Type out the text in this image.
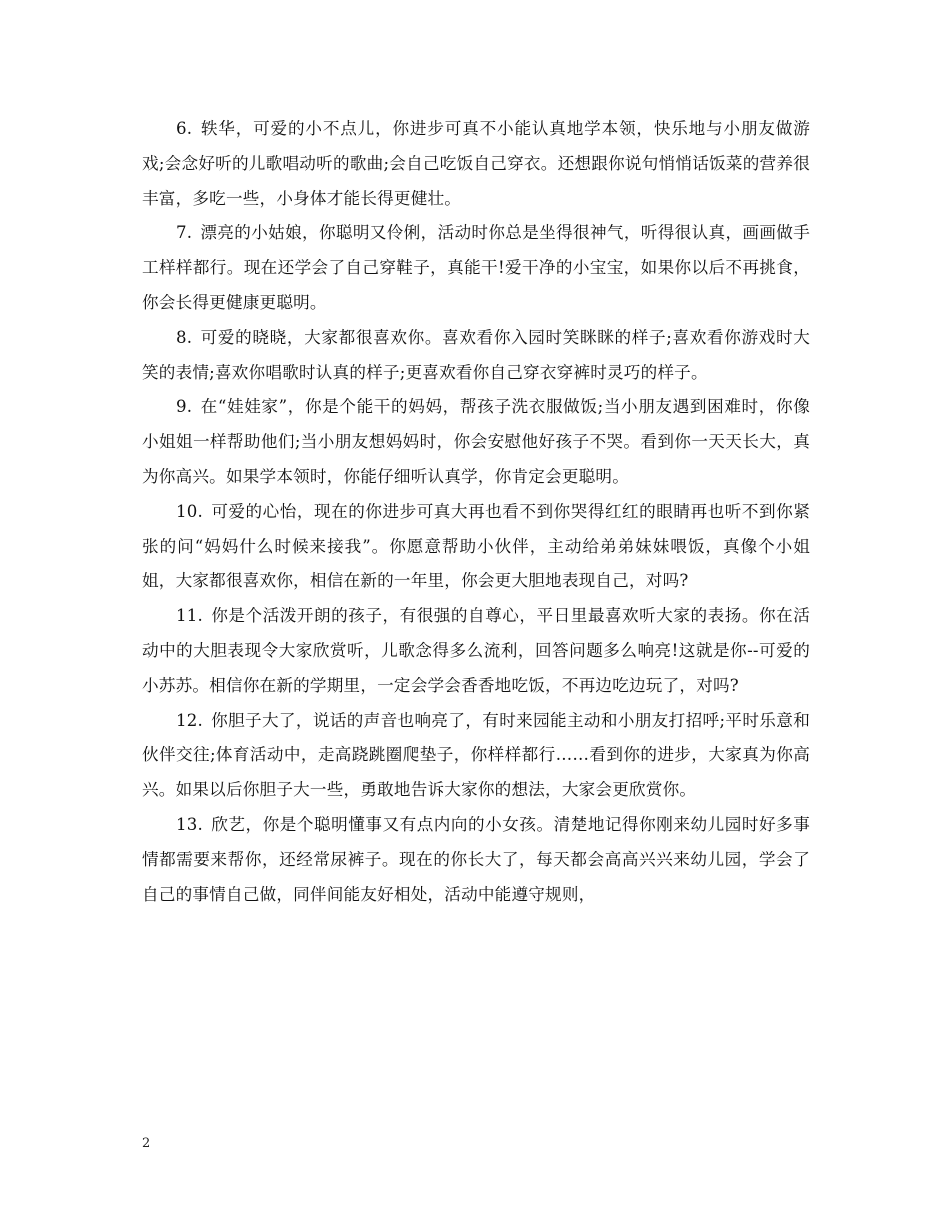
6. 轶华，可爱的小不点儿，你进步可真不小能认真地学本领，快乐地与小朋友做游戏;会念好听的儿歌唱动听的歌曲;会自己吃饭自己穿衣。还想跟你说句悄悄话饭菜的营养很丰富，多吃一些，小身体才能长得更健壮。

7. 漂亮的小姑娘，你聪明又伶俐，活动时你总是坐得很神气，听得很认真，画画做手工样样都行。现在还学会了自己穿鞋子，真能干!爱干净的小宝宝，如果你以后不再挑食，你会长得更健康更聪明。

8. 可爱的晓晓，大家都很喜欢你。喜欢看你入园时笑眯眯的样子;喜欢看你游戏时大笑的表情;喜欢你唱歌时认真的样子;更喜欢看你自己穿衣穿裤时灵巧的样子。

9. 在“娃娃家”，你是个能干的妈妈，帮孩子洗衣服做饭;当小朋友遇到困难时，你像小姐姐一样帮助他们;当小朋友想妈妈时，你会安慰他好孩子不哭。看到你一天天长大，真为你高兴。如果学本领时，你能仔细听认真学，你肯定会更聪明。

10. 可爱的心怡，现在的你进步可真大再也看不到你哭得红红的眼睛再也听不到你紧张的问“妈妈什么时候来接我”。你愿意帮助小伙伴，主动给弟弟妹妹喂饭，真像个小姐姐，大家都很喜欢你，相信在新的一年里，你会更大胆地表现自己，对吗?

11. 你是个活泼开朗的孩子，有很强的自尊心，平日里最喜欢听大家的表扬。你在活动中的大胆表现令大家欣赏听，儿歌念得多么流利，回答问题多么响亮!这就是你--可爱的小苏苏。相信你在新的学期里，一定会学会香香地吃饭，不再边吃边玩了，对吗?

12. 你胆子大了，说话的声音也响亮了，有时来园能主动和小朋友打招呼;平时乐意和伙伴交往;体育活动中，走高跷跳圈爬垫子，你样样都行……看到你的进步，大家真为你高兴。如果以后你胆子大一些，勇敢地告诉大家你的想法，大家会更欣赏你。

13. 欣艺，你是个聪明懂事又有点内向的小女孩。清楚地记得你刚来幼儿园时好多事情都需要来帮你，还经常尿裤子。现在的你长大了，每天都会高高兴兴来幼儿园，学会了自己的事情自己做，同伴间能友好相处，活动中能遵守规则，

2
